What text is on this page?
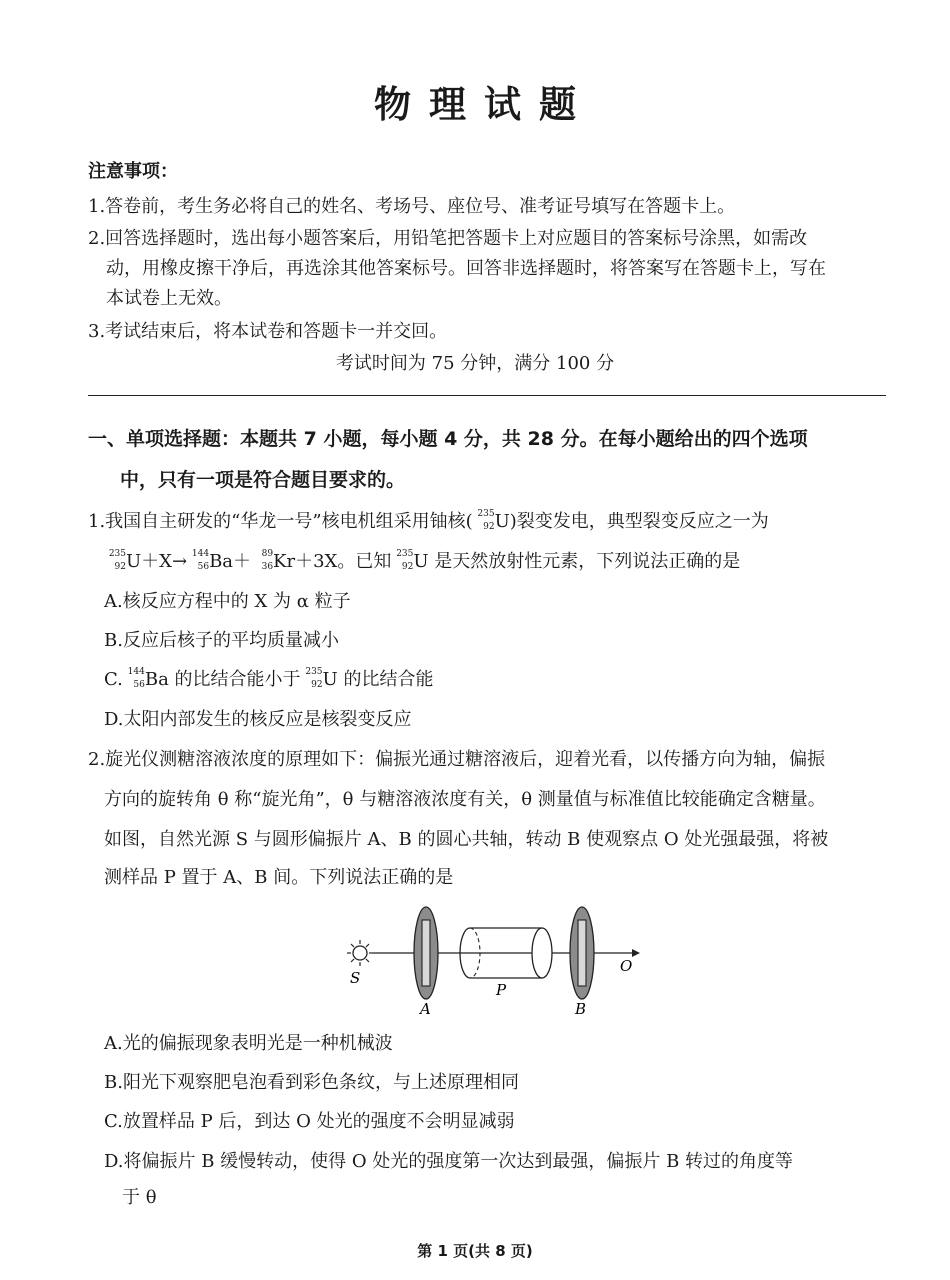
物理试题
注意事项：
1.答卷前，考生务必将自己的姓名、考场号、座位号、准考证号填写在答题卡上。
2.回答选择题时，选出每小题答案后，用铅笔把答题卡上对应题目的答案标号涂黑，如需改
动，用橡皮擦干净后，再选涂其他答案标号。回答非选择题时，将答案写在答题卡上，写在
本试卷上无效。
3.考试结束后，将本试卷和答题卡一并交回。
考试时间为 75 分钟，满分 100 分
一、单项选择题：本题共 7 小题，每小题 4 分，共 28 分。在每小题给出的四个选项
中，只有一项是符合题目要求的。
1.我国自主研发的“华龙一号”核电机组采用铀核( 235
92 U)裂变发电，典型裂变反应之一为
235
92 U＋X→ 144
56 Ba＋ 89
36 Kr＋3X。已知 235
92 U 是天然放射性元素，下列说法正确的是
A.核反应方程中的 X 为 α 粒子
B.反应后核子的平均质量减小
C. 144
56 Ba 的比结合能小于 235
92 U 的比结合能
D.太阳内部发生的核反应是核裂变反应
2.旋光仪测糖溶液浓度的原理如下：偏振光通过糖溶液后，迎着光看，以传播方向为轴，偏振
方向的旋转角 θ 称“旋光角”，θ 与糖溶液浓度有关，θ 测量值与标准值比较能确定含糖量。
如图，自然光源 S 与圆形偏振片 A、B 的圆心共轴，转动 B 使观察点 O 处光强最强，将被
测样品 P 置于 A、B 间。下列说法正确的是
S
A
P
B
O
A.光的偏振现象表明光是一种机械波
B.阳光下观察肥皂泡看到彩色条纹，与上述原理相同
C.放置样品 P 后，到达 O 处光的强度不会明显减弱
D.将偏振片 B 缓慢转动，使得 O 处光的强度第一次达到最强，偏振片 B 转过的角度等
于 θ
第 1 页(共 8 页)
